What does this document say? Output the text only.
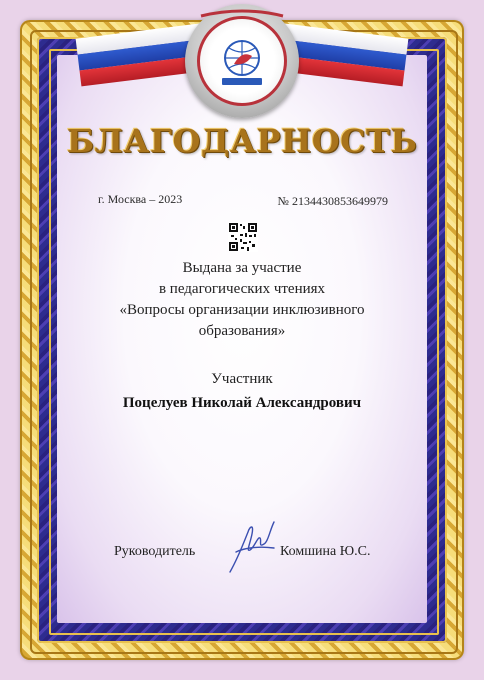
БЛАГОДАРНОСТЬ
г. Москва – 2023	№ 2134430853649979
Выдана за участие
в педагогических чтениях
«Вопросы организации инклюзивного
образования»
Участник
Поцелуев Николай Александрович
Руководитель	Комшина Ю.С.
